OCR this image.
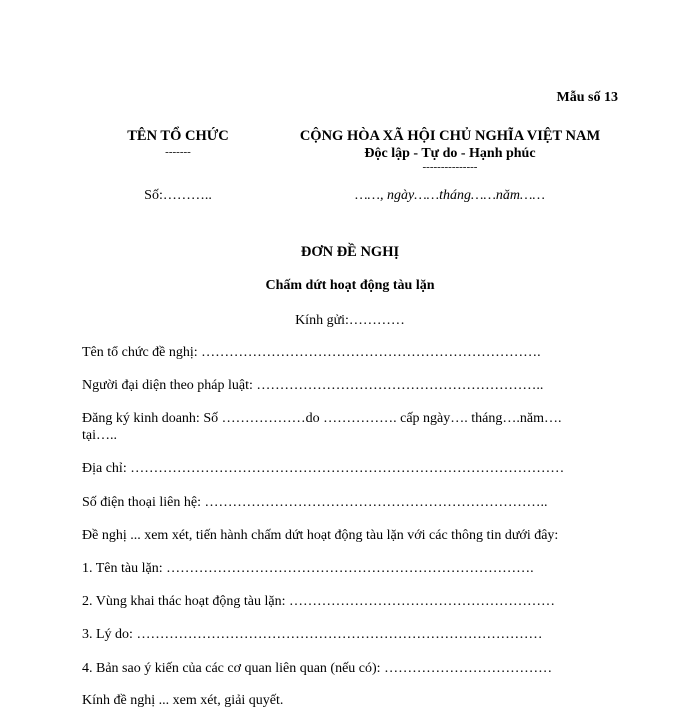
Mẫu số 13
TÊN TỔ CHỨC
-------
CỘNG HÒA XÃ HỘI CHỦ NGHĨA VIỆT NAM
Độc lập - Tự do - Hạnh phúc
---------------
Số:………..	……, ngày……tháng……năm……
ĐƠN ĐỀ NGHỊ
Chấm dứt hoạt động tàu lặn
Kính gửi:…………
Tên tổ chức đề nghị: ……………………………………………………………….
Người đại diện theo pháp luật: ……………………………………………………..
Đăng ký kinh doanh: Số ………………do ……………. cấp ngày…. tháng….năm….
tại…..
Địa chỉ: …………………………………………………………………………………
Số điện thoại liên hệ: ………………………………………………………………..
Đề nghị ... xem xét, tiến hành chấm dứt hoạt động tàu lặn với các thông tin dưới đây:
1. Tên tàu lặn: …………………………………………………………………….
2. Vùng khai thác hoạt động tàu lặn: …………………………………………………
3. Lý do: ……………………………………………………………………………
4. Bản sao ý kiến của các cơ quan liên quan (nếu có): ………………………………
Kính đề nghị ... xem xét, giải quyết.
